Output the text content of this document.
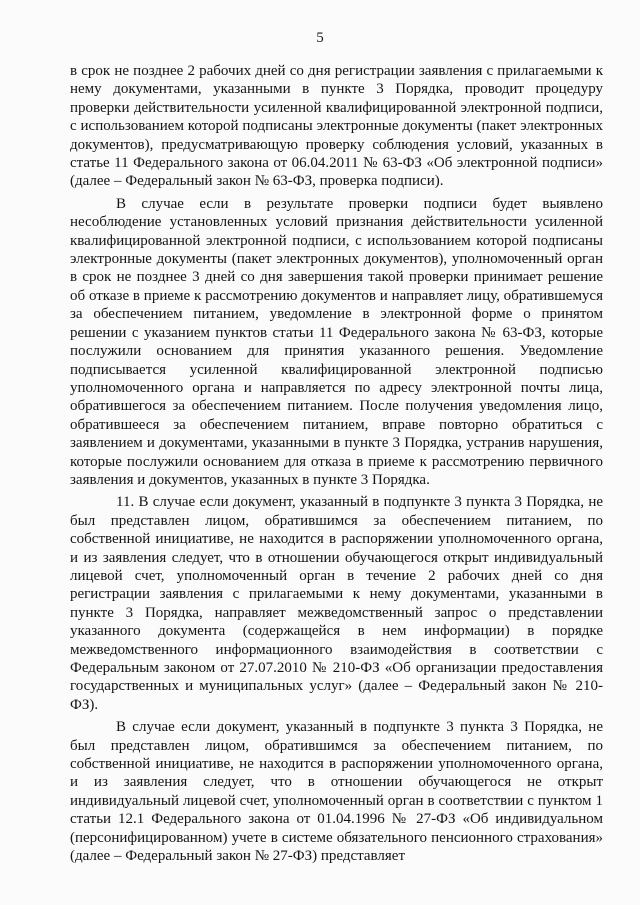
5

в срок не позднее 2 рабочих дней со дня регистрации заявления с прилагаемыми к нему документами, указанными в пункте 3 Порядка, проводит процедуру проверки действительности усиленной квалифицированной электронной подписи, с использованием которой подписаны электронные документы (пакет электронных документов), предусматривающую проверку соблюдения условий, указанных в статье 11 Федерального закона от 06.04.2011 № 63-ФЗ «Об электронной подписи» (далее – Федеральный закон № 63-ФЗ, проверка подписи).

В случае если в результате проверки подписи будет выявлено несоблюдение установленных условий признания действительности усиленной квалифицированной электронной подписи, с использованием которой подписаны электронные документы (пакет электронных документов), уполномоченный орган в срок не позднее 3 дней со дня завершения такой проверки принимает решение об отказе в приеме к рассмотрению документов и направляет лицу, обратившемуся за обеспечением питанием, уведомление в электронной форме о принятом решении с указанием пунктов статьи 11 Федерального закона № 63-ФЗ, которые послужили основанием для принятия указанного решения. Уведомление подписывается усиленной квалифицированной электронной подписью уполномоченного органа и направляется по адресу электронной почты лица, обратившегося за обеспечением питанием. После получения уведомления лицо, обратившееся за обеспечением питанием, вправе повторно обратиться с заявлением и документами, указанными в пункте 3 Порядка, устранив нарушения, которые послужили основанием для отказа в приеме к рассмотрению первичного заявления и документов, указанных в пункте 3 Порядка.

11. В случае если документ, указанный в подпункте 3 пункта 3 Порядка, не был представлен лицом, обратившимся за обеспечением питанием, по собственной инициативе, не находится в распоряжении уполномоченного органа, и из заявления следует, что в отношении обучающегося открыт индивидуальный лицевой счет, уполномоченный орган в течение 2 рабочих дней со дня регистрации заявления с прилагаемыми к нему документами, указанными в пункте 3 Порядка, направляет межведомственный запрос о представлении указанного документа (содержащейся в нем информации) в порядке межведомственного информационного взаимодействия в соответствии с Федеральным законом от 27.07.2010 № 210-ФЗ «Об организации предоставления государственных и муниципальных услуг» (далее – Федеральный закон № 210-ФЗ).

В случае если документ, указанный в подпункте 3 пункта 3 Порядка, не был представлен лицом, обратившимся за обеспечением питанием, по собственной инициативе, не находится в распоряжении уполномоченного органа, и из заявления следует, что в отношении обучающегося не открыт индивидуальный лицевой счет, уполномоченный орган в соответствии с пунктом 1 статьи 12.1 Федерального закона от 01.04.1996 № 27-ФЗ «Об индивидуальном (персонифицированном) учете в системе обязательного пенсионного страхования» (далее – Федеральный закон № 27-ФЗ) представляет
